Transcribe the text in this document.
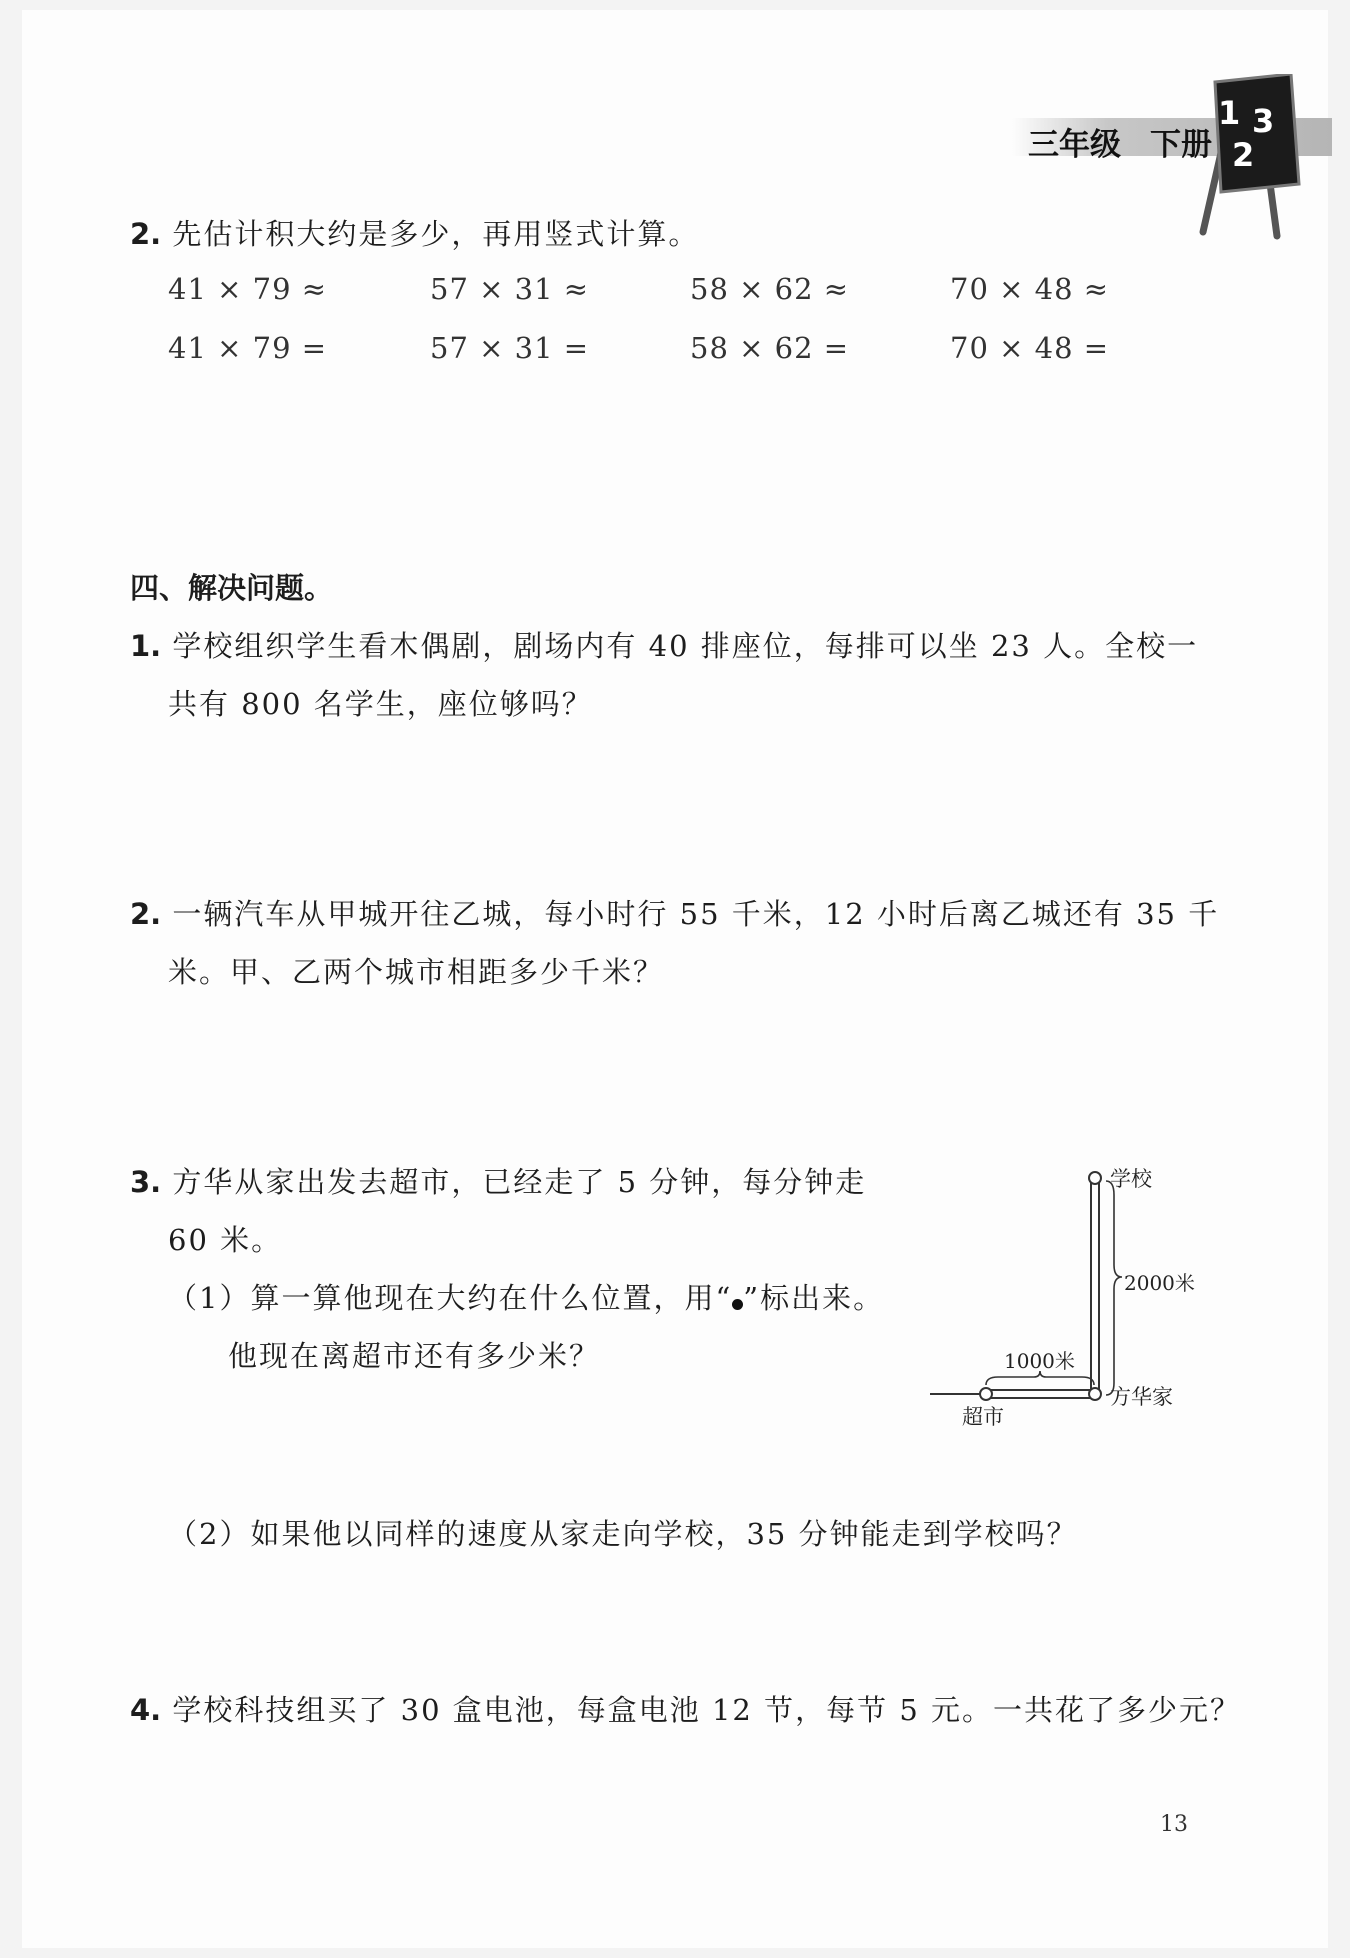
三年级 下册
1 3
2
2. 先估计积大约是多少，再用竖式计算。
41 × 79 ≈	57 × 31 ≈	58 × 62 ≈	70 × 48 ≈
41 × 79 =	57 × 31 =	58 × 62 =	70 × 48 =
四、解决问题。
1. 学校组织学生看木偶剧，剧场内有 40 排座位，每排可以坐 23 人。全校一
共有 800 名学生，座位够吗？
2. 一辆汽车从甲城开往乙城，每小时行 55 千米，12 小时后离乙城还有 35 千
米。甲、乙两个城市相距多少千米？
3. 方华从家出发去超市，已经走了 5 分钟，每分钟走
60 米。
（1）算一算他现在大约在什么位置，用“ ”标出来。
他现在离超市还有多少米？
（2）如果他以同样的速度从家走向学校，35 分钟能走到学校吗？
学校
2000米
1000米
方华家
超市
4. 学校科技组买了 30 盒电池，每盒电池 12 节，每节 5 元。一共花了多少元？
13
